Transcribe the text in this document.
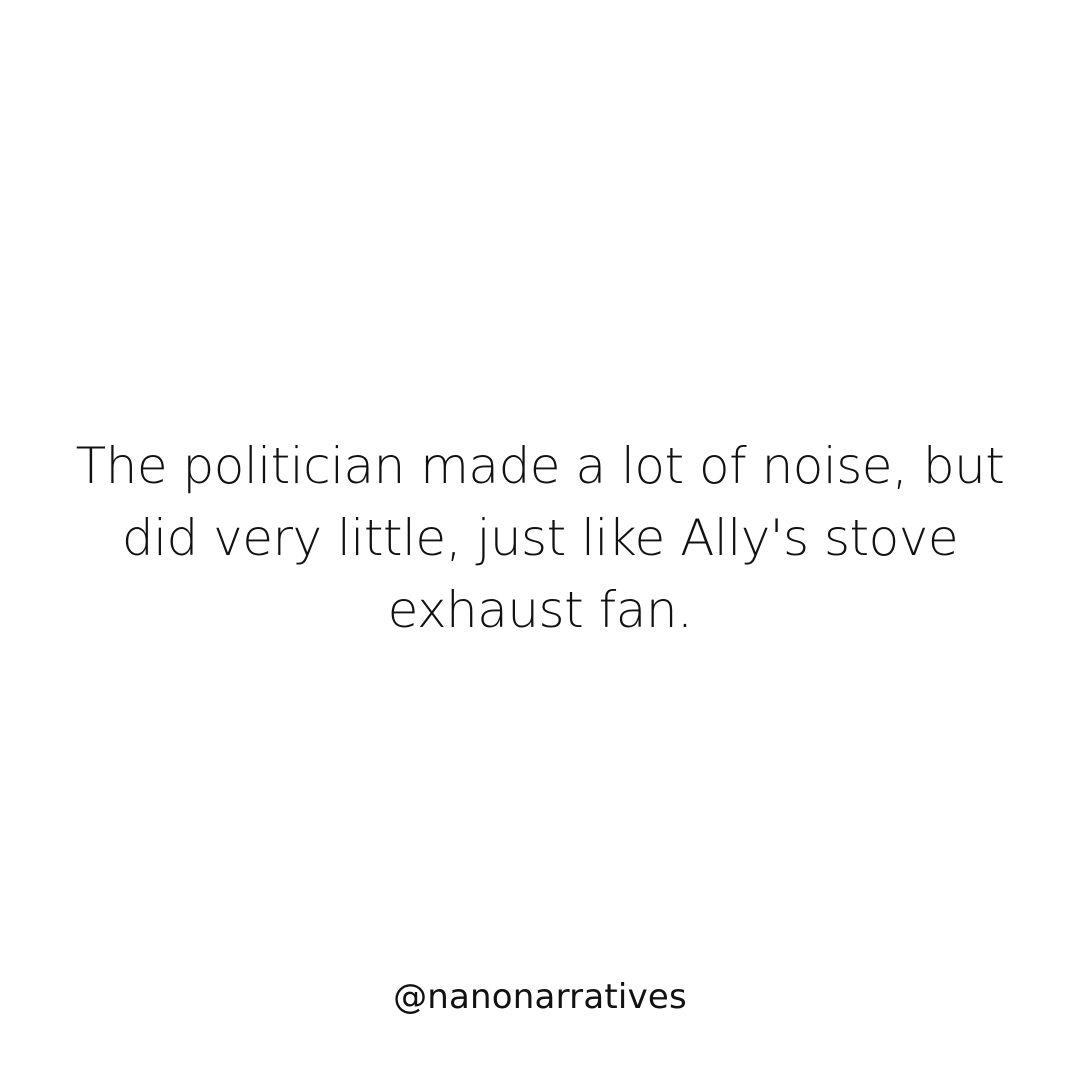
The politician made a lot of noise, but
did very little, just like Ally's stove
exhaust fan.
@nanonarratives
